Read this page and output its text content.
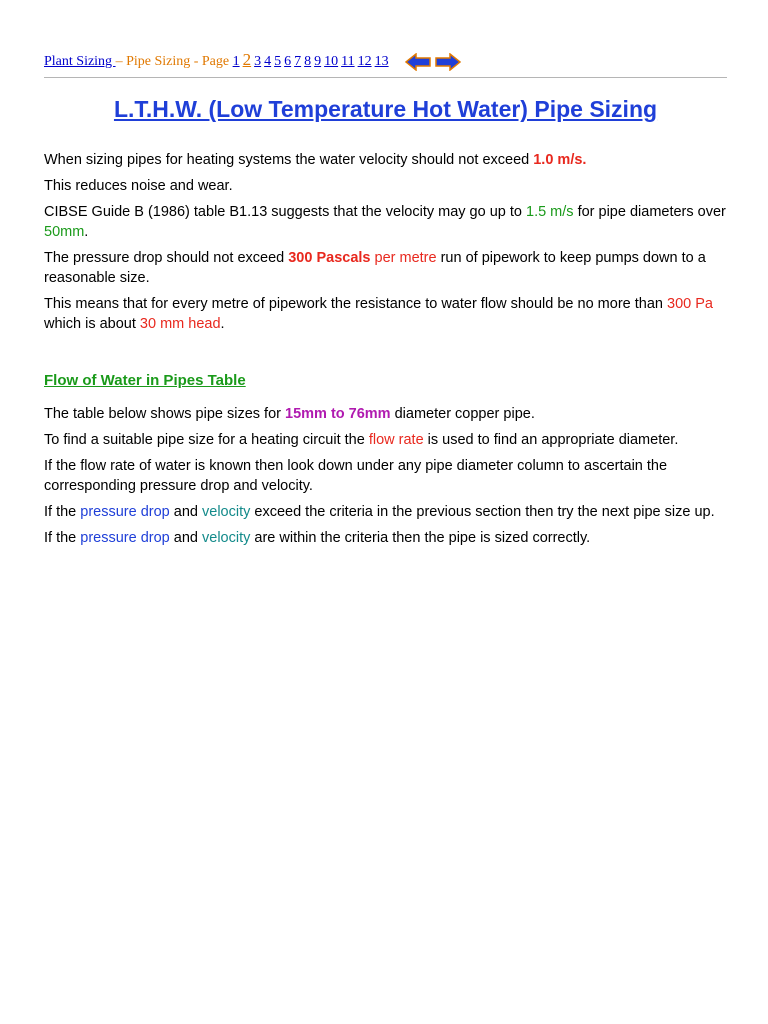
Plant Sizing – Pipe Sizing - Page 1 2 3 4 5 6 7 8 9 10 11 12 13
L.T.H.W. (Low Temperature Hot Water) Pipe Sizing

When sizing pipes for heating systems the water velocity should not exceed 1.0 m/s.

This reduces noise and wear.

CIBSE Guide B (1986) table B1.13 suggests that the velocity may go up to 1.5 m/s for pipe diameters over 50mm.

The pressure drop should not exceed 300 Pascals per metre run of pipework to keep pumps down to a reasonable size.

This means that for every metre of pipework the resistance to water flow should be no more than 300 Pa which is about 30 mm head.

Flow of Water in Pipes Table

The table below shows pipe sizes for 15mm to 76mm diameter copper pipe.

To find a suitable pipe size for a heating circuit the flow rate is used to find an appropriate diameter.

If the flow rate of water is known then look down under any pipe diameter column to ascertain the corresponding pressure drop and velocity.

If the pressure drop and velocity exceed the criteria in the previous section then try the next pipe size up.

If the pressure drop and velocity are within the criteria then the pipe is sized correctly.
